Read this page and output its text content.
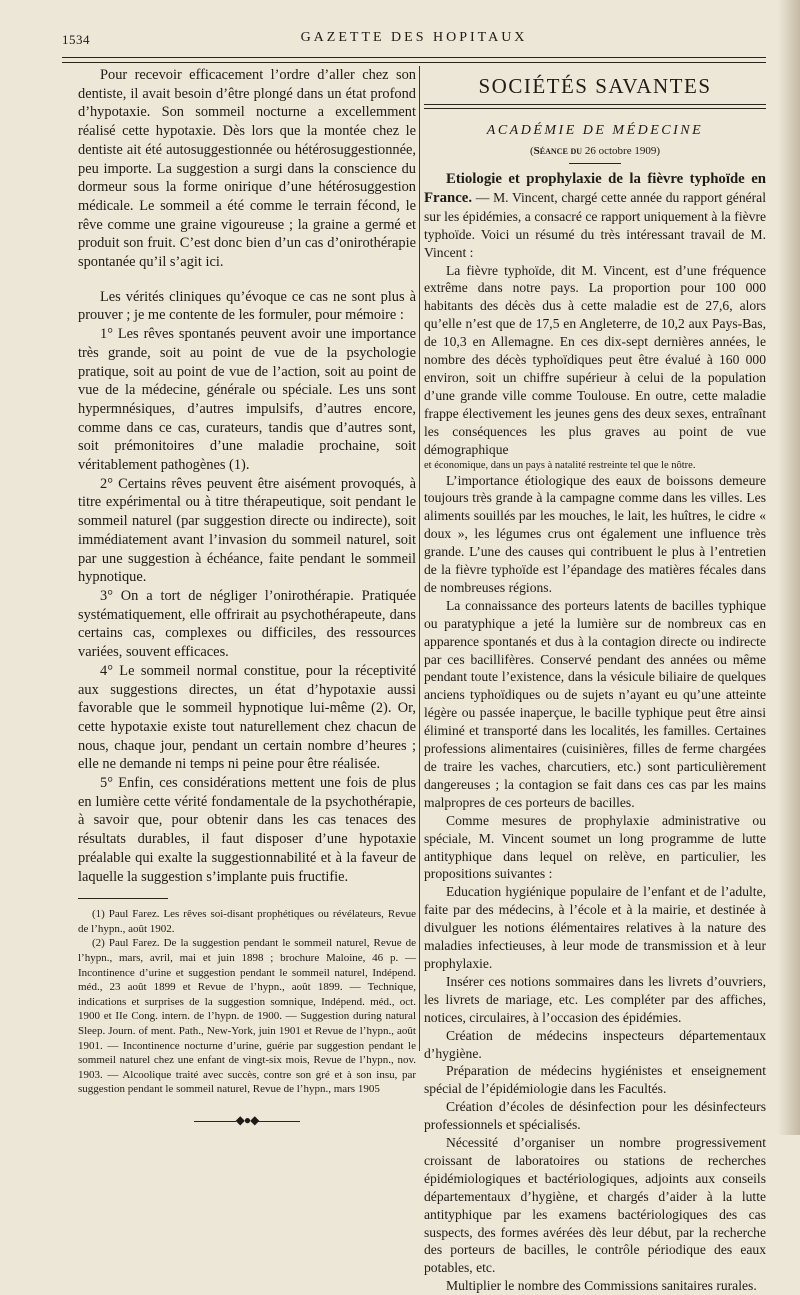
1534	GAZETTE DES HOPITAUX

Pour recevoir efficacement l’ordre d’aller chez son dentiste, il avait besoin d’être plongé dans un état profond d’hypotaxie. Son sommeil nocturne a excellemment réalisé cette hypotaxie. Dès lors que la montée chez le dentiste ait été autosuggestionnée ou hétérosuggestionnée, peu importe. La suggestion a surgi dans la conscience du dormeur sous la forme onirique d’une hétérosuggestion médicale. Le sommeil a été comme le terrain fécond, le rêve comme une graine vigoureuse ; la graine a germé et produit son fruit. C’est donc bien d’un cas d’onirothérapie spontanée qu’il s’agit ici.

Les vérités cliniques qu’évoque ce cas ne sont plus à prouver ; je me contente de les formuler, pour mémoire :

1° Les rêves spontanés peuvent avoir une importance très grande, soit au point de vue de la psychologie pratique, soit au point de vue de l’action, soit au point de vue de la médecine, générale ou spéciale. Les uns sont hypermnésiques, d’autres impulsifs, d’autres encore, comme dans ce cas, curateurs, tandis que d’autres sont, soit prémonitoires d’une maladie prochaine, soit véritablement pathogènes (1).

2° Certains rêves peuvent être aisément provoqués, à titre expérimental ou à titre thérapeutique, soit pendant le sommeil naturel (par suggestion directe ou indirecte), soit immédiatement avant l’invasion du sommeil naturel, soit par une suggestion à échéance, faite pendant le sommeil hypnotique.

3° On a tort de négliger l’onirothérapie. Pratiquée systématiquement, elle offrirait au psychothérapeute, dans certains cas, complexes ou difficiles, des ressources variées, souvent efficaces.

4° Le sommeil normal constitue, pour la réceptivité aux suggestions directes, un état d’hypotaxie aussi favorable que le sommeil hypnotique lui-même (2). Or, cette hypotaxie existe tout naturellement chez chacun de nous, chaque jour, pendant un certain nombre d’heures ; elle ne demande ni temps ni peine pour être réalisée.

5° Enfin, ces considérations mettent une fois de plus en lumière cette vérité fondamentale de la psychothérapie, à savoir que, pour obtenir dans les cas tenaces des résultats durables, il faut disposer d’une hypotaxie préalable qui exalte la suggestionnabilité et à la faveur de laquelle la suggestion s’implante puis fructifie.

(1) Paul Farez. Les rêves soi-disant prophétiques ou révélateurs, Revue de l’hypn., août 1902.

(2) Paul Farez. De la suggestion pendant le sommeil naturel, Revue de l’hypn., mars, avril, mai et juin 1898 ; brochure Maloine, 46 p. — Incontinence d’urine et suggestion pendant le sommeil naturel, Indépend. méd., 23 août 1899 et Revue de l’hypn., août 1899. — Technique, indications et surprises de la suggestion somnique, Indépend. méd., oct. 1900 et IIe Cong. intern. de l’hypn. de 1900. — Suggestion during natural Sleep. Journ. of ment. Path., New-York, juin 1901 et Revue de l’hypn., août 1901. — Incontinence nocturne d’urine, guérie par suggestion pendant le sommeil naturel chez une enfant de vingt-six mois, Revue de l’hypn., nov. 1903. — Alcoolique traité avec succès, contre son gré et à son insu, par suggestion pendant le sommeil naturel, Revue de l’hypn., mars 1905

◆●◆
SOCIÉTÉS SAVANTES
ACADÉMIE DE MÉDECINE
(Séance du 26 octobre 1909)

Etiologie et prophylaxie de la fièvre typhoïde en France. — M. Vincent, chargé cette année du rapport général sur les épidémies, a consacré ce rapport uniquement à la fièvre typhoïde. Voici un résumé du très intéressant travail de M. Vincent :

La fièvre typhoïde, dit M. Vincent, est d’une fréquence extrême dans notre pays. La proportion pour 100 000 habitants des décès dus à cette maladie est de 27,6, alors qu’elle n’est que de 17,5 en Angleterre, de 10,2 aux Pays-Bas, de 10,3 en Allemagne. En ces dix-sept dernières années, le nombre des décès typhoïdiques peut être évalué à 160 000 environ, soit un chiffre supérieur à celui de la population d’une grande ville comme Toulouse. En outre, cette maladie frappe électivement les jeunes gens des deux sexes, entraînant les conséquences les plus graves au point de vue démographique

et économique, dans un pays à natalité restreinte tel que le nôtre.

L’importance étiologique des eaux de boissons demeure toujours très grande à la campagne comme dans les villes. Les aliments souillés par les mouches, le lait, les huîtres, le cidre « doux », les légumes crus ont également une influence très grande. L’une des causes qui contribuent le plus à l’entretien de la fièvre typhoïde est l’épandage des matières fécales dans de nombreuses régions.

La connaissance des porteurs latents de bacilles typhique ou paratyphique a jeté la lumière sur de nombreux cas en apparence spontanés et dus à la contagion directe ou indirecte par ces bacillifères. Conservé pendant des années ou même pendant toute l’existence, dans la vésicule biliaire de quelques anciens typhoïdiques ou de sujets n’ayant eu qu’une atteinte légère ou passée inaperçue, le bacille typhique peut être ainsi éliminé et transporté dans les localités, les familles. Certaines professions alimentaires (cuisinières, filles de ferme chargées de traire les vaches, charcutiers, etc.) sont particulièrement dangereuses ; la contagion se fait dans ces cas par les mains malpropres de ces porteurs de bacilles.

Comme mesures de prophylaxie administrative ou spéciale, M. Vincent soumet un long programme de lutte antityphique dans lequel on relève, en particulier, les propositions suivantes :

Education hygiénique populaire de l’enfant et de l’adulte, faite par des médecins, à l’école et à la mairie, et destinée à divulguer les notions élémentaires relatives à la nature des maladies infectieuses, à leur mode de transmission et à leur prophylaxie.

Insérer ces notions sommaires dans les livrets d’ouvriers, les livrets de mariage, etc. Les compléter par des affiches, notices, circulaires, à l’occasion des épidémies.

Création de médecins inspecteurs départementaux d’hygiène.

Préparation de médecins hygiénistes et enseignement spécial de l’épidémiologie dans les Facultés.

Création d’écoles de désinfection pour les désinfecteurs professionnels et spécialisés.

Nécessité d’organiser un nombre progressivement croissant de laboratoires ou stations de recherches épidémiologiques et bactériologiques, adjoints aux conseils départementaux d’hygiène, et chargés d’aider à la lutte antityphique par les examens bactériologiques des cas suspects, des formes avérées dès leur début, par la recherche des porteurs de bacilles, le contrôle périodique des eaux potables, etc.

Multiplier le nombre des Commissions sanitaires rurales.
